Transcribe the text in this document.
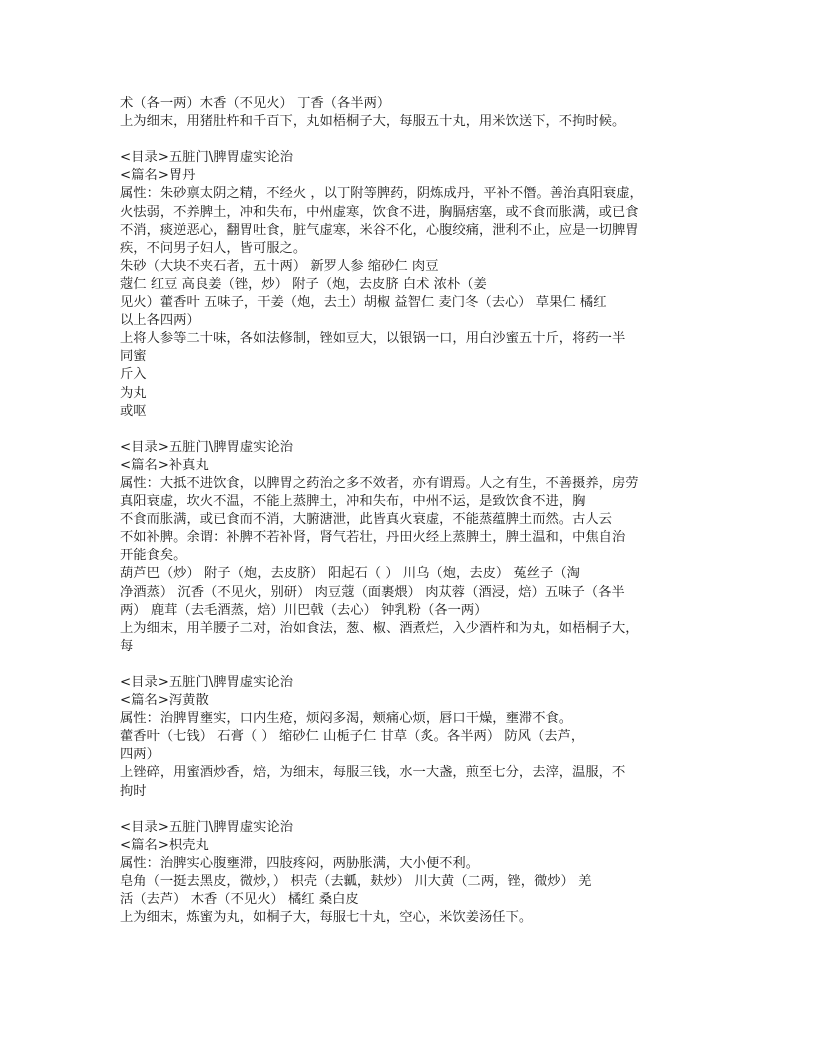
术（各一两）木香（不见火） 丁香（各半两）
上为细末，用猪肚杵和千百下，丸如梧桐子大，每服五十丸，用米饮送下，不拘时候。
<目录>五脏门\脾胃虚实论治
<篇名>胃丹
属性：朱砂禀太阴之精，不经火 ，以丁附等脾药，阴炼成丹，平补不僭。善治真阳衰虚，
火怯弱，不养脾土，冲和失布，中州虚寒，饮食不进，胸膈痞塞，或不食而胀满，或已食
不消，痰逆恶心，翻胃吐食，脏气虚寒，米谷不化，心腹绞痛，泄利不止，应是一切脾胃
疾，不问男子妇人，皆可服之。
朱砂（大块不夹石者，五十两） 新罗人参 缩砂仁 肉豆
蔻仁 红豆 高良姜（锉，炒） 附子（炮，去皮脐 白术 浓朴（姜
见火）藿香叶 五味子，干姜（炮，去土）胡椒 益智仁 麦门冬（去心） 草果仁 橘红
以上各四两）
上将人参等二十味，各如法修制，锉如豆大，以银锅一口，用白沙蜜五十斤，将药一半
同蜜
斤入
为丸
或呕
<目录>五脏门\脾胃虚实论治
<篇名>补真丸
属性：大抵不进饮食，以脾胃之药治之多不效者，亦有谓焉。人之有生，不善摄养，房劳
真阳衰虚，坎火不温，不能上蒸脾土，冲和失布，中州不运，是致饮食不进，胸
不食而胀满，或已食而不消，大腑溏泄，此皆真火衰虚，不能蒸蕴脾土而然。古人云
不如补脾。余谓：补脾不若补肾，肾气若壮，丹田火经上蒸脾土，脾土温和，中焦自治
开能食矣。
葫芦巴（炒） 附子（炮，去皮脐） 阳起石（ ） 川乌（炮，去皮） 菟丝子（淘
净酒蒸） 沉香（不见火，别研） 肉豆蔻（面裹煨） 肉苁蓉（酒浸，焙）五味子（各半
两） 鹿茸（去毛酒蒸，焙）川巴戟（去心） 钟乳粉（各一两）
上为细末，用羊腰子二对，治如食法，葱、椒、酒煮烂，入少酒杵和为丸，如梧桐子大，
每
<目录>五脏门\脾胃虚实论治
<篇名>泻黄散
属性：治脾胃壅实，口内生疮，烦闷多渴，颊痛心烦，唇口干燥，壅滞不食。
藿香叶（七钱） 石膏（ ） 缩砂仁 山栀子仁 甘草（炙。各半两） 防风（去芦，
四两）
上锉碎，用蜜酒炒香，焙，为细末，每服三钱，水一大盏，煎至七分，去滓，温服，不
拘时
<目录>五脏门\脾胃虚实论治
<篇名>枳壳丸
属性：治脾实心腹壅滞，四肢疼闷，两胁胀满，大小便不利。
皂角（一挺去黑皮，微炒，） 枳壳（去瓤，麸炒） 川大黄（二两，锉，微炒） 羌
活（去芦） 木香（不见火） 橘红 桑白皮
上为细末，炼蜜为丸，如桐子大，每服七十丸，空心，米饮姜汤任下。
